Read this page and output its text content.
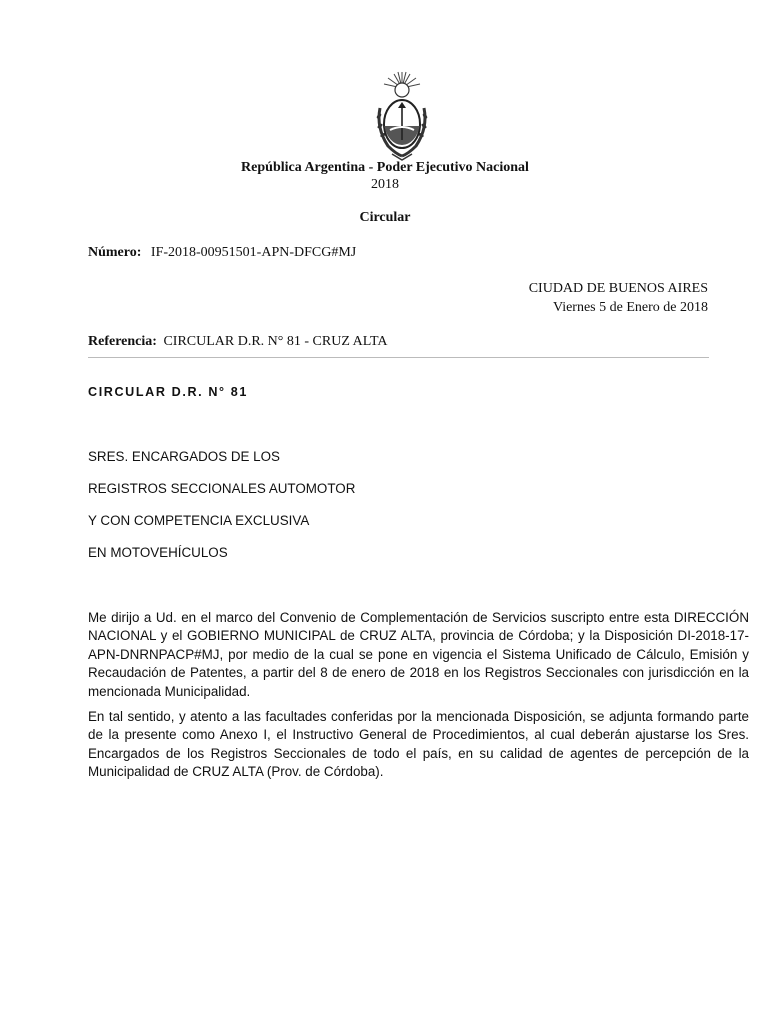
República Argentina - Poder Ejecutivo Nacional
2018
Circular
Número: IF-2018-00951501-APN-DFCG#MJ
CIUDAD DE BUENOS AIRES
Viernes 5 de Enero de 2018
Referencia: CIRCULAR D.R. N° 81 - CRUZ ALTA
CIRCULAR D.R. N° 81
SRES. ENCARGADOS DE LOS
REGISTROS SECCIONALES AUTOMOTOR
Y CON COMPETENCIA EXCLUSIVA
EN MOTOVEHÍCULOS
Me dirijo a Ud. en el marco del Convenio de Complementación de Servicios suscripto entre esta DIRECCIÓN NACIONAL y el GOBIERNO MUNICIPAL de CRUZ ALTA, provincia de Córdoba; y la Disposición DI-2018-17-APN-DNRNPACP#MJ, por medio de la cual se pone en vigencia el Sistema Unificado de Cálculo, Emisión y Recaudación de Patentes, a partir del 8 de enero de 2018 en los Registros Seccionales con jurisdicción en la mencionada Municipalidad.
En tal sentido, y atento a las facultades conferidas por la mencionada Disposición, se adjunta formando parte de la presente como Anexo I, el Instructivo General de Procedimientos, al cual deberán ajustarse los Sres. Encargados de los Registros Seccionales de todo el país, en su calidad de agentes de percepción de la Municipalidad de CRUZ ALTA (Prov. de Córdoba).
